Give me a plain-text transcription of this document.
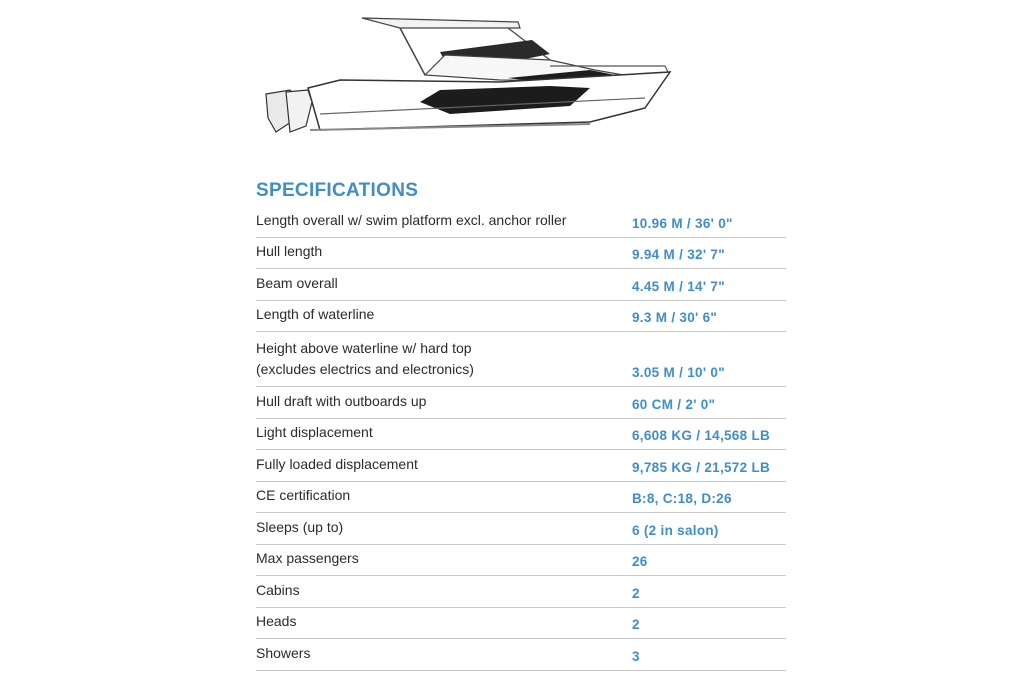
SPECIFICATIONS
Length overall w/ swim platform excl. anchor roller	10.96 M / 36' 0"
Hull length	9.94 M / 32' 7"
Beam overall	4.45 M / 14' 7"
Length of waterline	9.3 M / 30' 6"
Height above waterline w/ hard top
(excludes electrics and electronics)	3.05 M / 10' 0"
Hull draft with outboards up	60 CM / 2' 0"
Light displacement	6,608 KG / 14,568 LB
Fully loaded displacement	9,785 KG / 21,572 LB
CE certification	B:8, C:18, D:26
Sleeps (up to)	6 (2 in salon)
Max passengers	26
Cabins	2
Heads	2
Showers	3
